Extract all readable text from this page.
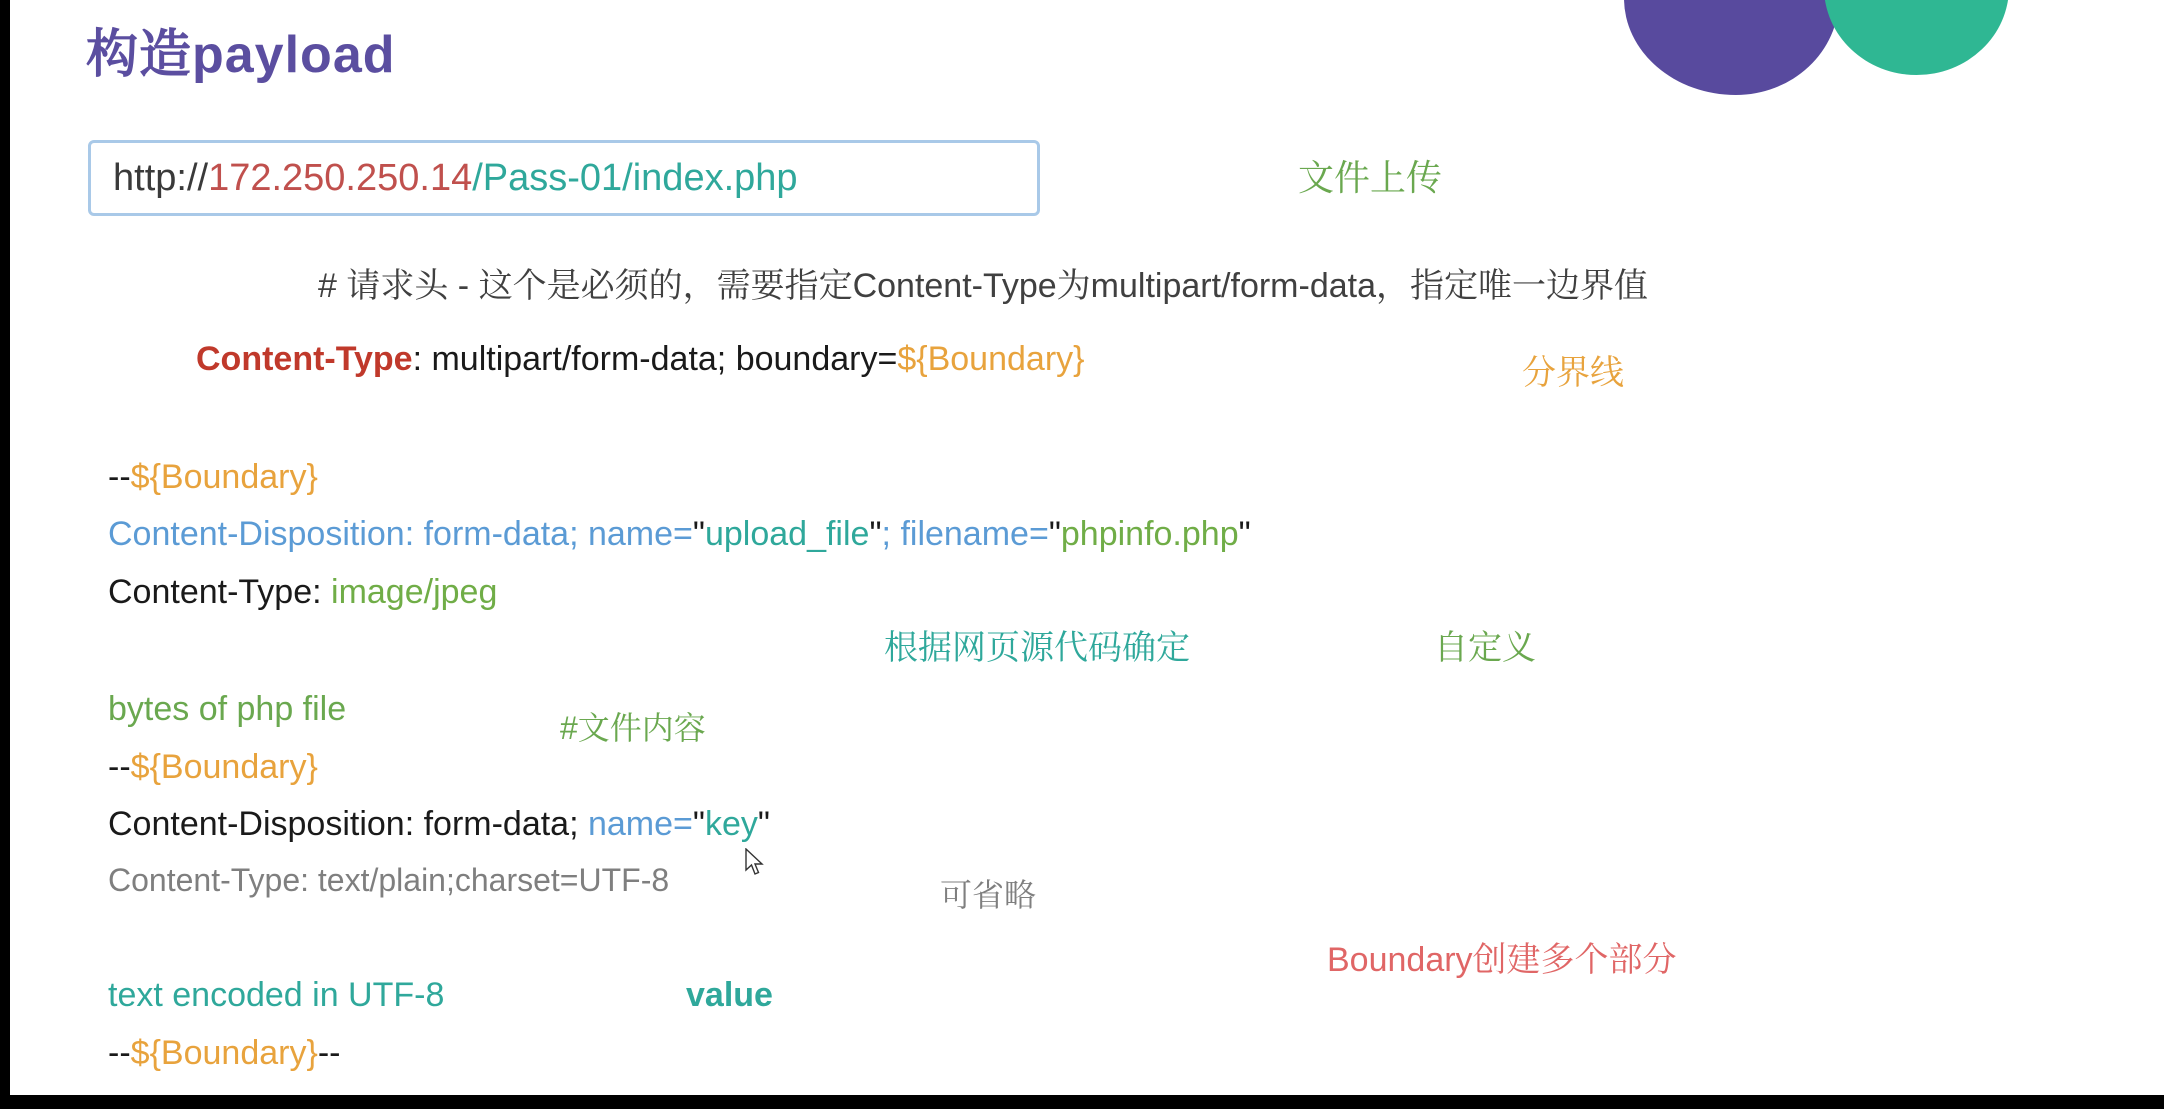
构造payload
http:// 172.250.250.14 /Pass-01/index.php	文件上传
# 请求头 - 这个是必须的，需要指定Content-Type为multipart/form-data，指定唯一边界值
Content-Type: multipart/form-data; boundary=${Boundary}	分界线
--${Boundary}
Content-Disposition: form-data; name="upload_file"; filename="phpinfo.php"
Content-Type: image/jpeg
根据网页源代码确定	自定义
bytes of php file	#文件内容
--${Boundary}
Content-Disposition: form-data; name="key"
Content-Type: text/plain;charset=UTF-8	可省略
Boundary创建多个部分
text encoded in UTF-8	value
--${Boundary}--
